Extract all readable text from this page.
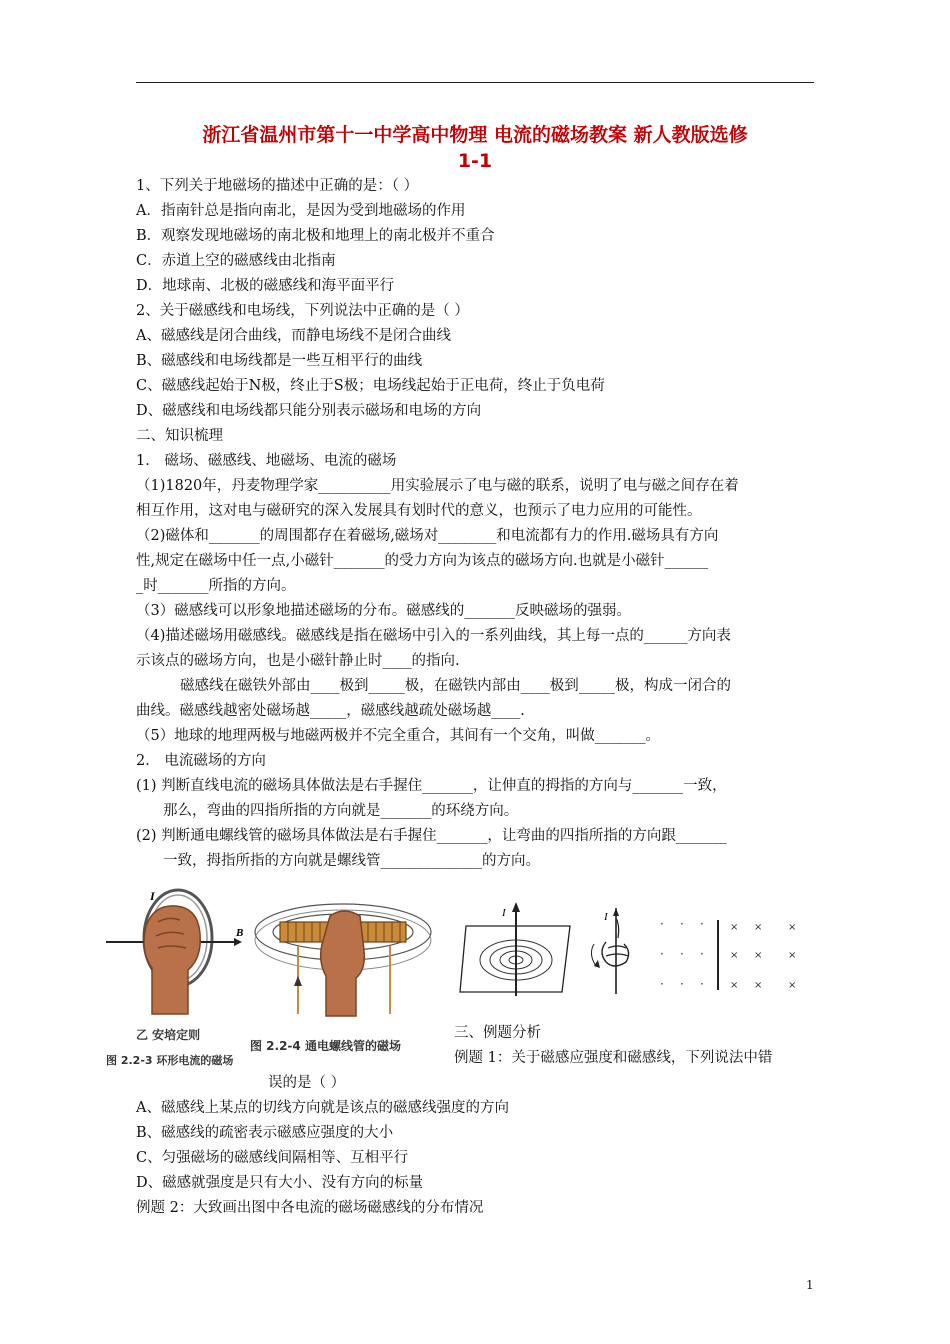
浙江省温州市第十一中学高中物理 电流的磁场教案 新人教版选修
1-1
1、下列关于地磁场的描述中正确的是：（ ）
A．指南针总是指向南北，是因为受到地磁场的作用
B．观察发现地磁场的南北极和地理上的南北极并不重合
C．赤道上空的磁感线由北指南
D．地球南、北极的磁感线和海平面平行
2、关于磁感线和电场线，下列说法中正确的是（ ）
A、磁感线是闭合曲线，而静电场线不是闭合曲线
B、磁感线和电场线都是一些互相平行的曲线
C、磁感线起始于N极，终止于S极；电场线起始于正电荷，终止于负电荷
D、磁感线和电场线都只能分别表示磁场和电场的方向
二、知识梳理
1． 磁场、磁感线、地磁场、电流的磁场
（1)1820年，丹麦物理学家__________用实验展示了电与磁的联系，说明了电与磁之间存在着
相互作用，这对电与磁研究的深入发展具有划时代的意义，也预示了电力应用的可能性。
（2)磁体和_______的周围都存在着磁场,磁场对________和电流都有力的作用.磁场具有方向
性,规定在磁场中任一点,小磁针_______的受力方向为该点的磁场方向.也就是小磁针______
_时_______所指的方向。
（3）磁感线可以形象地描述磁场的分布。磁感线的_______反映磁场的强弱。
（4)描述磁场用磁感线。磁感线是指在磁场中引入的一系列曲线，其上每一点的______方向表
示该点的磁场方向，也是小磁针静止时____的指向.
磁感线在磁铁外部由____极到_____极，在磁铁内部由____极到_____极，构成一闭合的
曲线。磁感线越密处磁场越_____，磁感线越疏处磁场越____.
（5）地球的地理两极与地磁两极并不完全重合，其间有一个交角，叫做_______。
2． 电流磁场的方向
(1) 判断直线电流的磁场具体做法是右手握住_______，让伸直的拇指的方向与_______一致，
那么，弯曲的四指所指的方向就是_______的环绕方向。
(2) 判断通电螺线管的磁场具体做法是右手握住_______，让弯曲的四指所指的方向跟_______
一致，拇指所指的方向就是螺线管______________的方向。
I
B
乙 安培定则
图 2.2-3 环形电流的磁场
图 2.2-4 通电螺线管的磁场
I	I	· · ·
· · ·
· · ·
× ×	×
× ×	×
× ×	×
三、例题分析
例题 1：关于磁感应强度和磁感线，下列说法中错
误的是（ ）
A、磁感线上某点的切线方向就是该点的磁感线强度的方向
B、磁感线的疏密表示磁感应强度的大小
C、匀强磁场的磁感线间隔相等、互相平行
D、磁感就强度是只有大小、没有方向的标量
例题 2：大致画出图中各电流的磁场磁感线的分布情况
1
